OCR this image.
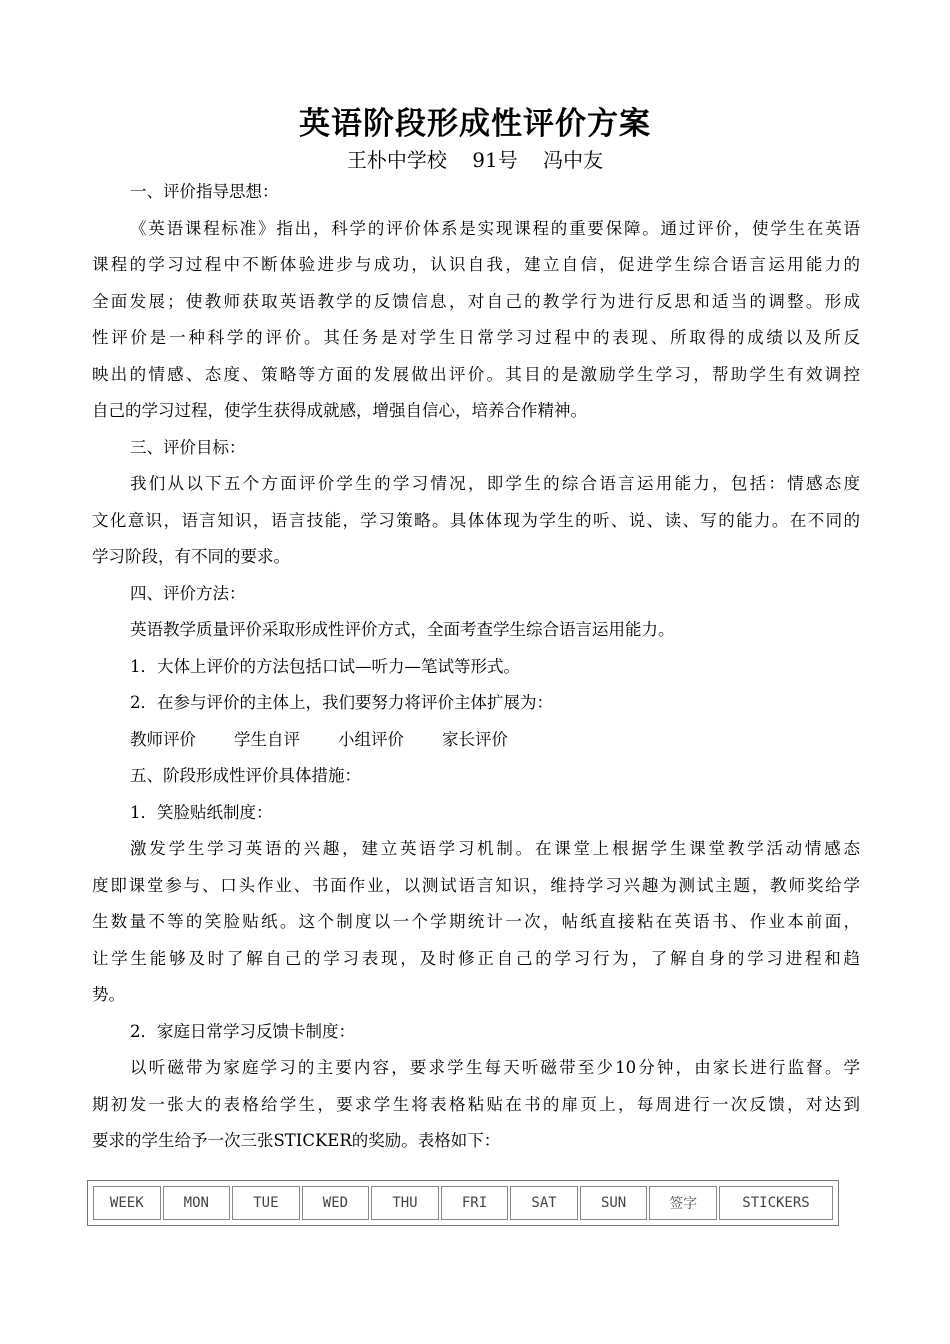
英语阶段形成性评价方案
王朴中学校    91号    冯中友
一、评价指导思想：
《英语课程标准》指出，科学的评价体系是实现课程的重要保障。通过评价，使学生在英语
课程的学习过程中不断体验进步与成功，认识自我，建立自信，促进学生综合语言运用能力的
全面发展；使教师获取英语教学的反馈信息，对自己的教学行为进行反思和适当的调整。形成
性评价是一种科学的评价。其任务是对学生日常学习过程中的表现、所取得的成绩以及所反
映出的情感、态度、策略等方面的发展做出评价。其目的是激励学生学习，帮助学生有效调控
自己的学习过程，使学生获得成就感，增强自信心，培养合作精神。
三、评价目标：
我们从以下五个方面评价学生的学习情况，即学生的综合语言运用能力，包括：情感态度
文化意识，语言知识，语言技能，学习策略。具体体现为学生的听、说、读、写的能力。在不同的
学习阶段，有不同的要求。
四、评价方法：
英语教学质量评价采取形成性评价方式，全面考查学生综合语言运用能力。
1．大体上评价的方法包括口试—听力—笔试等形式。
2．在参与评价的主体上，我们要努力将评价主体扩展为：
教师评价 学生自评 小组评价 家长评价
五、阶段形成性评价具体措施：
1．笑脸贴纸制度：
激发学生学习英语的兴趣，建立英语学习机制。在课堂上根据学生课堂教学活动情感态
度即课堂参与、口头作业、书面作业，以测试语言知识，维持学习兴趣为测试主题，教师奖给学
生数量不等的笑脸贴纸。这个制度以一个学期统计一次，帖纸直接粘在英语书、作业本前面，
让学生能够及时了解自己的学习表现，及时修正自己的学习行为，了解自身的学习进程和趋
势。
2．家庭日常学习反馈卡制度：
以听磁带为家庭学习的主要内容，要求学生每天听磁带至少10分钟，由家长进行监督。学
期初发一张大的表格给学生，要求学生将表格粘贴在书的扉页上，每周进行一次反馈，对达到
要求的学生给予一次三张STICKER的奖励。表格如下：
WEEK	MON	TUE	WED	THU	FRI	SAT	SUN	签字	STICKERS
